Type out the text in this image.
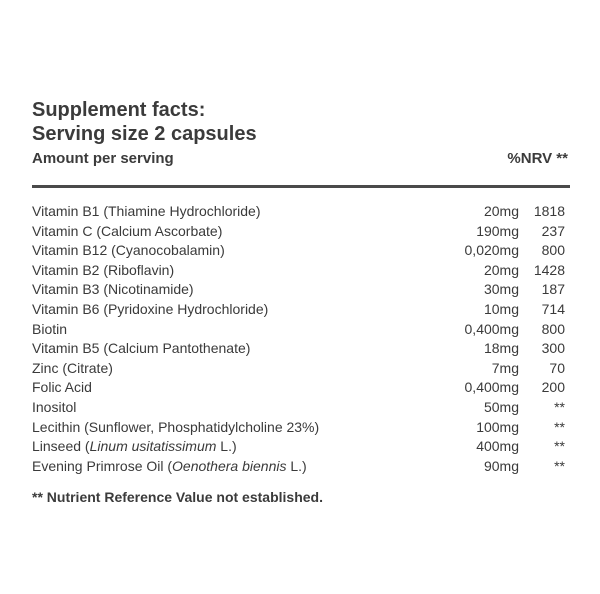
Supplement facts:
Serving size 2 capsules
Amount per serving	%NRV **
Vitamin B1 (Thiamine Hydrochloride)	20mg	1818
Vitamin C (Calcium Ascorbate)	190mg	237
Vitamin B12 (Cyanocobalamin)	0,020mg	800
Vitamin B2 (Riboflavin)	20mg	1428
Vitamin B3 (Nicotinamide)	30mg	187
Vitamin B6 (Pyridoxine Hydrochloride)	10mg	714
Biotin	0,400mg	800
Vitamin B5 (Calcium Pantothenate)	18mg	300
Zinc (Citrate)	7mg	70
Folic Acid	0,400mg	200
Inositol	50mg	**
Lecithin (Sunflower, Phosphatidylcholine 23%)	100mg	**
Linseed (Linum usitatissimum L.)	400mg	**
Evening Primrose Oil (Oenothera biennis L.)	90mg	**
** Nutrient Reference Value not established.
